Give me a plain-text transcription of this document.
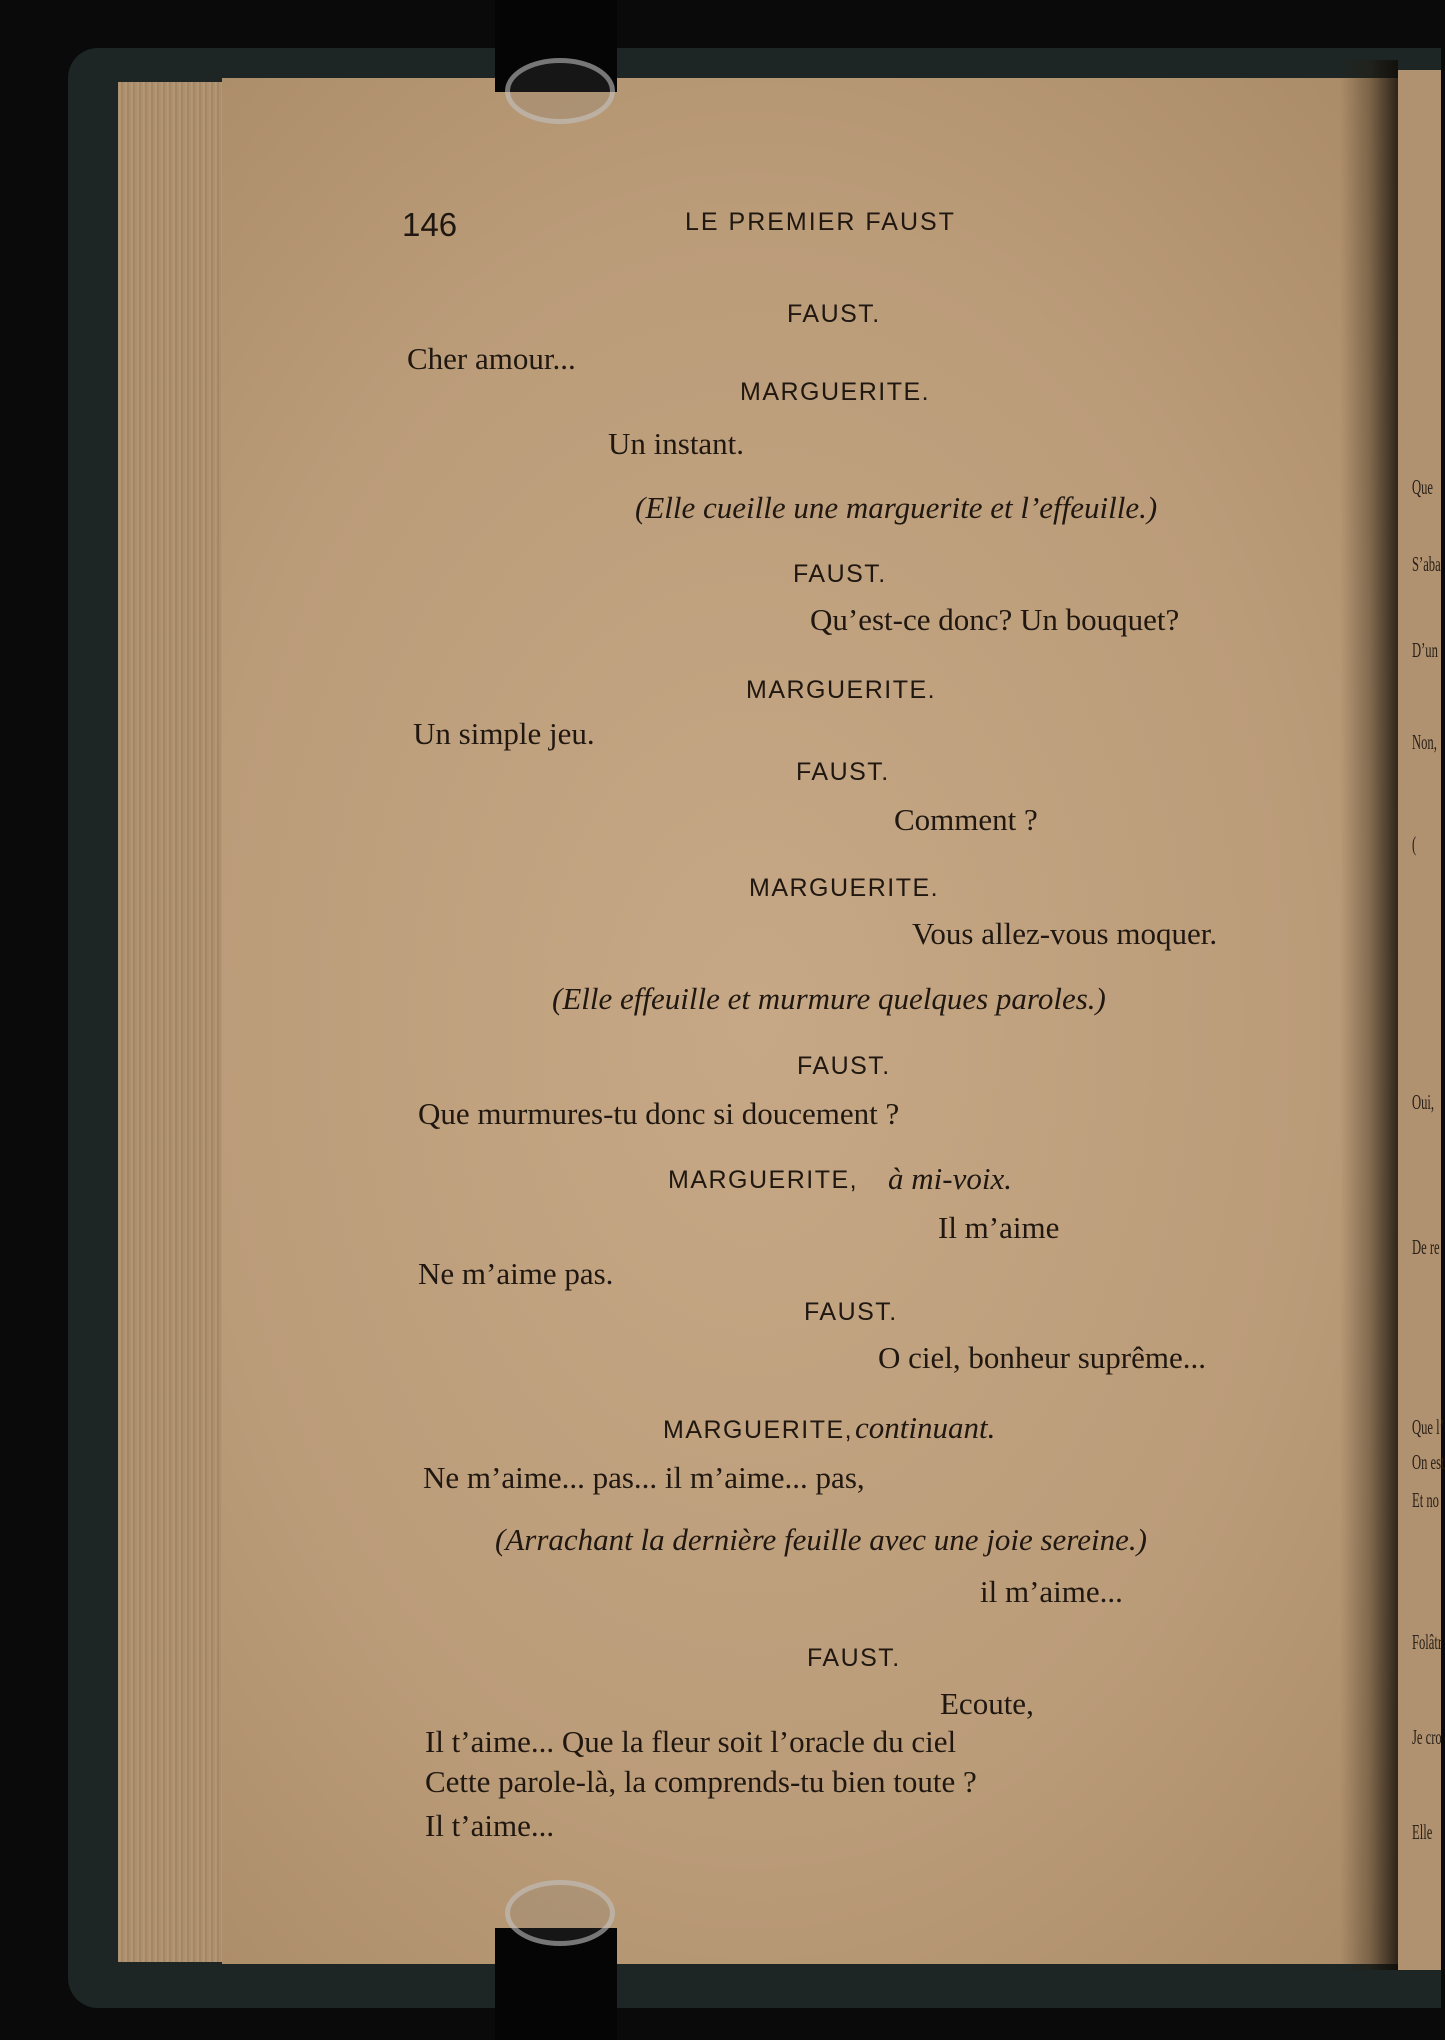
Que
S’aba
D’un
Non,
(
Oui,
De re
Que l’
On est
Et no
Folâtr
Je cro
Elle
146	LE PREMIER FAUST
FAUST.
Cher amour...
MARGUERITE.
Un instant.
(Elle cueille une marguerite et l’effeuille.)
FAUST.
Qu’est-ce donc? Un bouquet?
MARGUERITE.
Un simple jeu.
FAUST.
Comment ?
MARGUERITE.
Vous allez-vous moquer.
(Elle effeuille et murmure quelques paroles.)
FAUST.
Que murmures-tu donc si doucement ?
MARGUERITE, à mi-voix.
Il m’aime
Ne m’aime pas.
FAUST.
O ciel, bonheur suprême...
MARGUERITE, continuant.
Ne m’aime... pas... il m’aime... pas,
(Arrachant la dernière feuille avec une joie sereine.)
il m’aime...
FAUST.
Ecoute,
Il t’aime... Que la fleur soit l’oracle du ciel
Cette parole-là, la comprends-tu bien toute ?
Il t’aime...
